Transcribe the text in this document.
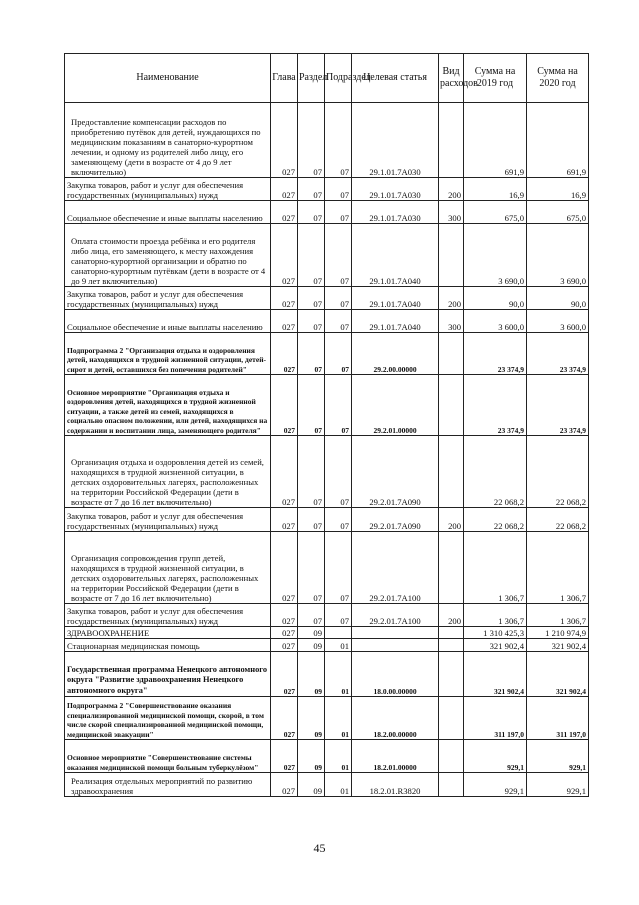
Наименование	Глава	Раздел	Подраздел	Целевая статья	Вид расходов	Сумма на 2019 год	Сумма на 2020 год
Предоставление компенсации расходов по приобретению путёвок для детей, нуждающихся по медицинским показаниям в санаторно-курортном лечении, и одному из родителей либо лицу, его заменяющему (дети в возрасте от 4 до 9 лет включительно)	027	07	07	29.1.01.7А030		691,9	691,9
Закупка товаров, работ и услуг для обеспечения государственных (муниципальных) нужд	027	07	07	29.1.01.7А030	200	16,9	16,9
Социальное обеспечение и иные выплаты населению	027	07	07	29.1.01.7А030	300	675,0	675,0
Оплата стоимости проезда ребёнка и его родителя либо лица, его заменяющего, к месту нахождения санаторно-курортной организации и обратно по санаторно-курортным путёвкам (дети в возрасте от 4 до 9 лет включительно)	027	07	07	29.1.01.7А040		3 690,0	3 690,0
Закупка товаров, работ и услуг для обеспечения государственных (муниципальных) нужд	027	07	07	29.1.01.7А040	200	90,0	90,0
Социальное обеспечение и иные выплаты населению	027	07	07	29.1.01.7А040	300	3 600,0	3 600,0
Подпрограмма 2 "Организация отдыха и оздоровления детей, находящихся в трудной жизненной ситуации, детей-сирот и детей, оставшихся без попечения родителей"	027	07	07	29.2.00.00000		23 374,9	23 374,9
Основное мероприятие "Организация отдыха и оздоровления детей, находящихся в трудной жизненной ситуации, а также детей из семей, находящихся в социально опасном положении, или детей, находящихся на содержании и воспитании лица, заменяющего родителя"	027	07	07	29.2.01.00000		23 374,9	23 374,9
Организация отдыха и оздоровления детей из семей, находящихся в трудной жизненной ситуации, в детских оздоровительных лагерях, расположенных на территории Российской Федерации (дети в возрасте от 7 до 16 лет включительно)	027	07	07	29.2.01.7А090		22 068,2	22 068,2
Закупка товаров, работ и услуг для обеспечения государственных (муниципальных) нужд	027	07	07	29.2.01.7А090	200	22 068,2	22 068,2
Организация сопровождения групп детей, находящихся в трудной жизненной ситуации, в детских оздоровительных лагерях, расположенных на территории Российской Федерации (дети в возрасте от 7 до 16 лет включительно)	027	07	07	29.2.01.7А100		1 306,7	1 306,7
Закупка товаров, работ и услуг для обеспечения государственных (муниципальных) нужд	027	07	07	29.2.01.7А100	200	1 306,7	1 306,7
ЗДРАВООХРАНЕНИЕ	027	09				1 310 425,3	1 210 974,9
Стационарная медицинская помощь	027	09	01			321 902,4	321 902,4
Государственная программа Ненецкого автономного округа "Развитие здравоохранения Ненецкого автономного округа"	027	09	01	18.0.00.00000		321 902,4	321 902,4
Подпрограмма 2 "Совершенствование оказания специализированной медицинской помощи, скорой, в том числе скорой специализированной медицинской помощи, медицинской эвакуации"	027	09	01	18.2.00.00000		311 197,0	311 197,0
Основное мероприятие "Совершенствование системы оказания медицинской помощи больным туберкулёзом"	027	09	01	18.2.01.00000		929,1	929,1
Реализация отдельных мероприятий по развитию здравоохранения	027	09	01	18.2.01.R3820		929,1	929,1
45
